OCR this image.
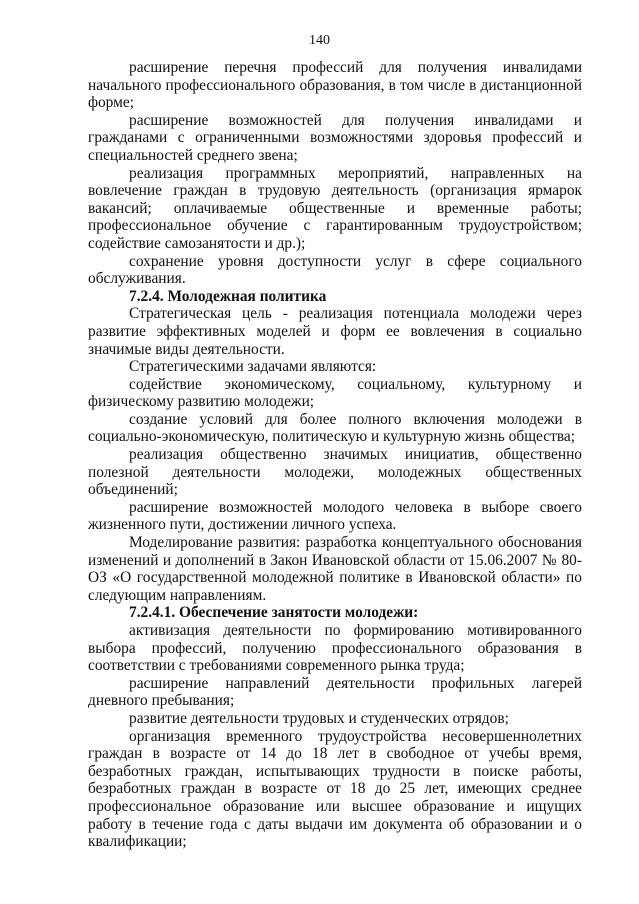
140

расширение перечня профессий для получения инвалидами начального профессионального образования, в том числе в дистанционной форме;

расширение возможностей для получения инвалидами и гражданами с ограниченными возможностями здоровья профессий и специальностей среднего звена;

реализация программных мероприятий, направленных на вовлечение граждан в трудовую деятельность (организация ярмарок вакансий; оплачиваемые общественные и временные работы; профессиональное обучение с гарантированным трудоустройством; содействие самозанятости и др.);

сохранение уровня доступности услуг в сфере социального обслуживания.

7.2.4. Молодежная политика

Стратегическая цель - реализация потенциала молодежи через развитие эффективных моделей и форм ее вовлечения в социально значимые виды деятельности.

Стратегическими задачами являются:

содействие экономическому, социальному, культурному и физическому развитию молодежи;

создание условий для более полного включения молодежи в социально-экономическую, политическую и культурную жизнь общества;

реализация общественно значимых инициатив, общественно полезной деятельности молодежи, молодежных общественных объединений;

расширение возможностей молодого человека в выборе своего жизненного пути, достижении личного успеха.

Моделирование развития: разработка концептуального обоснования изменений и дополнений в Закон Ивановской области от 15.06.2007 № 80-ОЗ «О государственной молодежной политике в Ивановской области» по следующим направлениям.

7.2.4.1. Обеспечение занятости молодежи:

активизация деятельности по формированию мотивированного выбора профессий, получению профессионального образования в соответствии с требованиями современного рынка труда;

расширение направлений деятельности профильных лагерей дневного пребывания;

развитие деятельности трудовых и студенческих отрядов;

организация временного трудоустройства несовершеннолетних граждан в возрасте от 14 до 18 лет в свободное от учебы время, безработных граждан, испытывающих трудности в поиске работы, безработных граждан в возрасте от 18 до 25 лет, имеющих среднее профессиональное образование или высшее образование и ищущих работу в течение года с даты выдачи им документа об образовании и о квалификации;
